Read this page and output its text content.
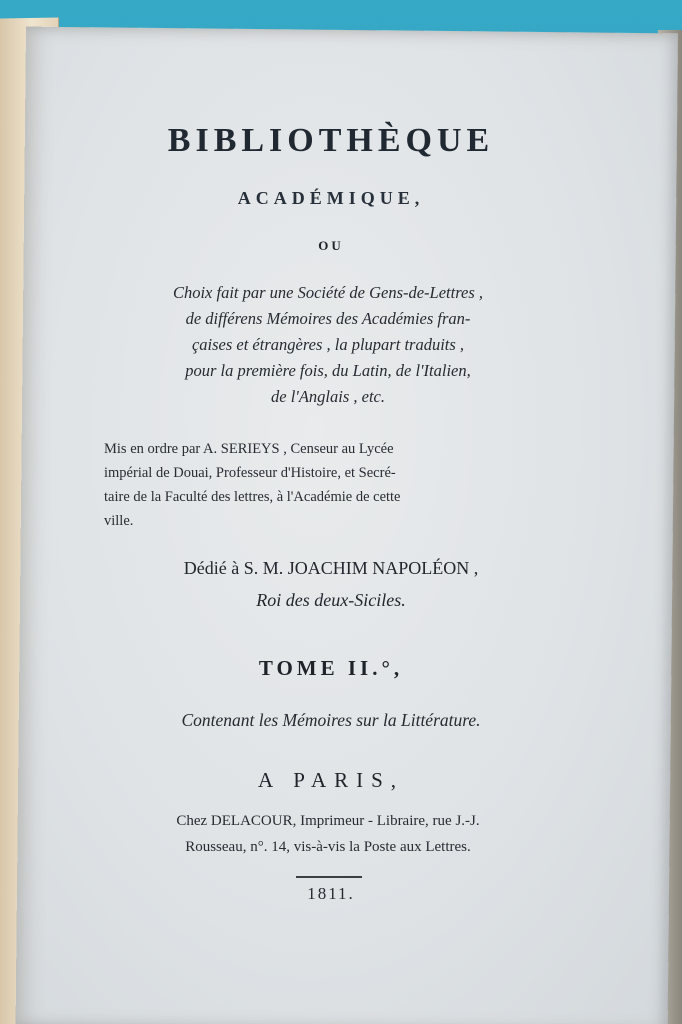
BIBLIOTHÈQUE
ACADÉMIQUE,
OU
Choix fait par une Société de Gens-de-Lettres ,
de différens Mémoires des Académies fran-
çaises et étrangères , la plupart traduits ,
pour la première fois, du Latin, de l'Italien,
de l'Anglais , etc.
Mis en ordre par A. SERIEYS , Censeur au Lycée
impérial de Douai, Professeur d'Histoire, et Secré-
taire de la Faculté des lettres, à l'Académie de cette
ville.
Dédié à S. M. JOACHIM NAPOLÉON ,
Roi des deux-Siciles.
TOME II.°,
Contenant les Mémoires sur la Littérature.
A PARIS,
Chez DELACOUR, Imprimeur - Libraire, rue J.-J.
Rousseau, n°. 14, vis-à-vis la Poste aux Lettres.
1811.
